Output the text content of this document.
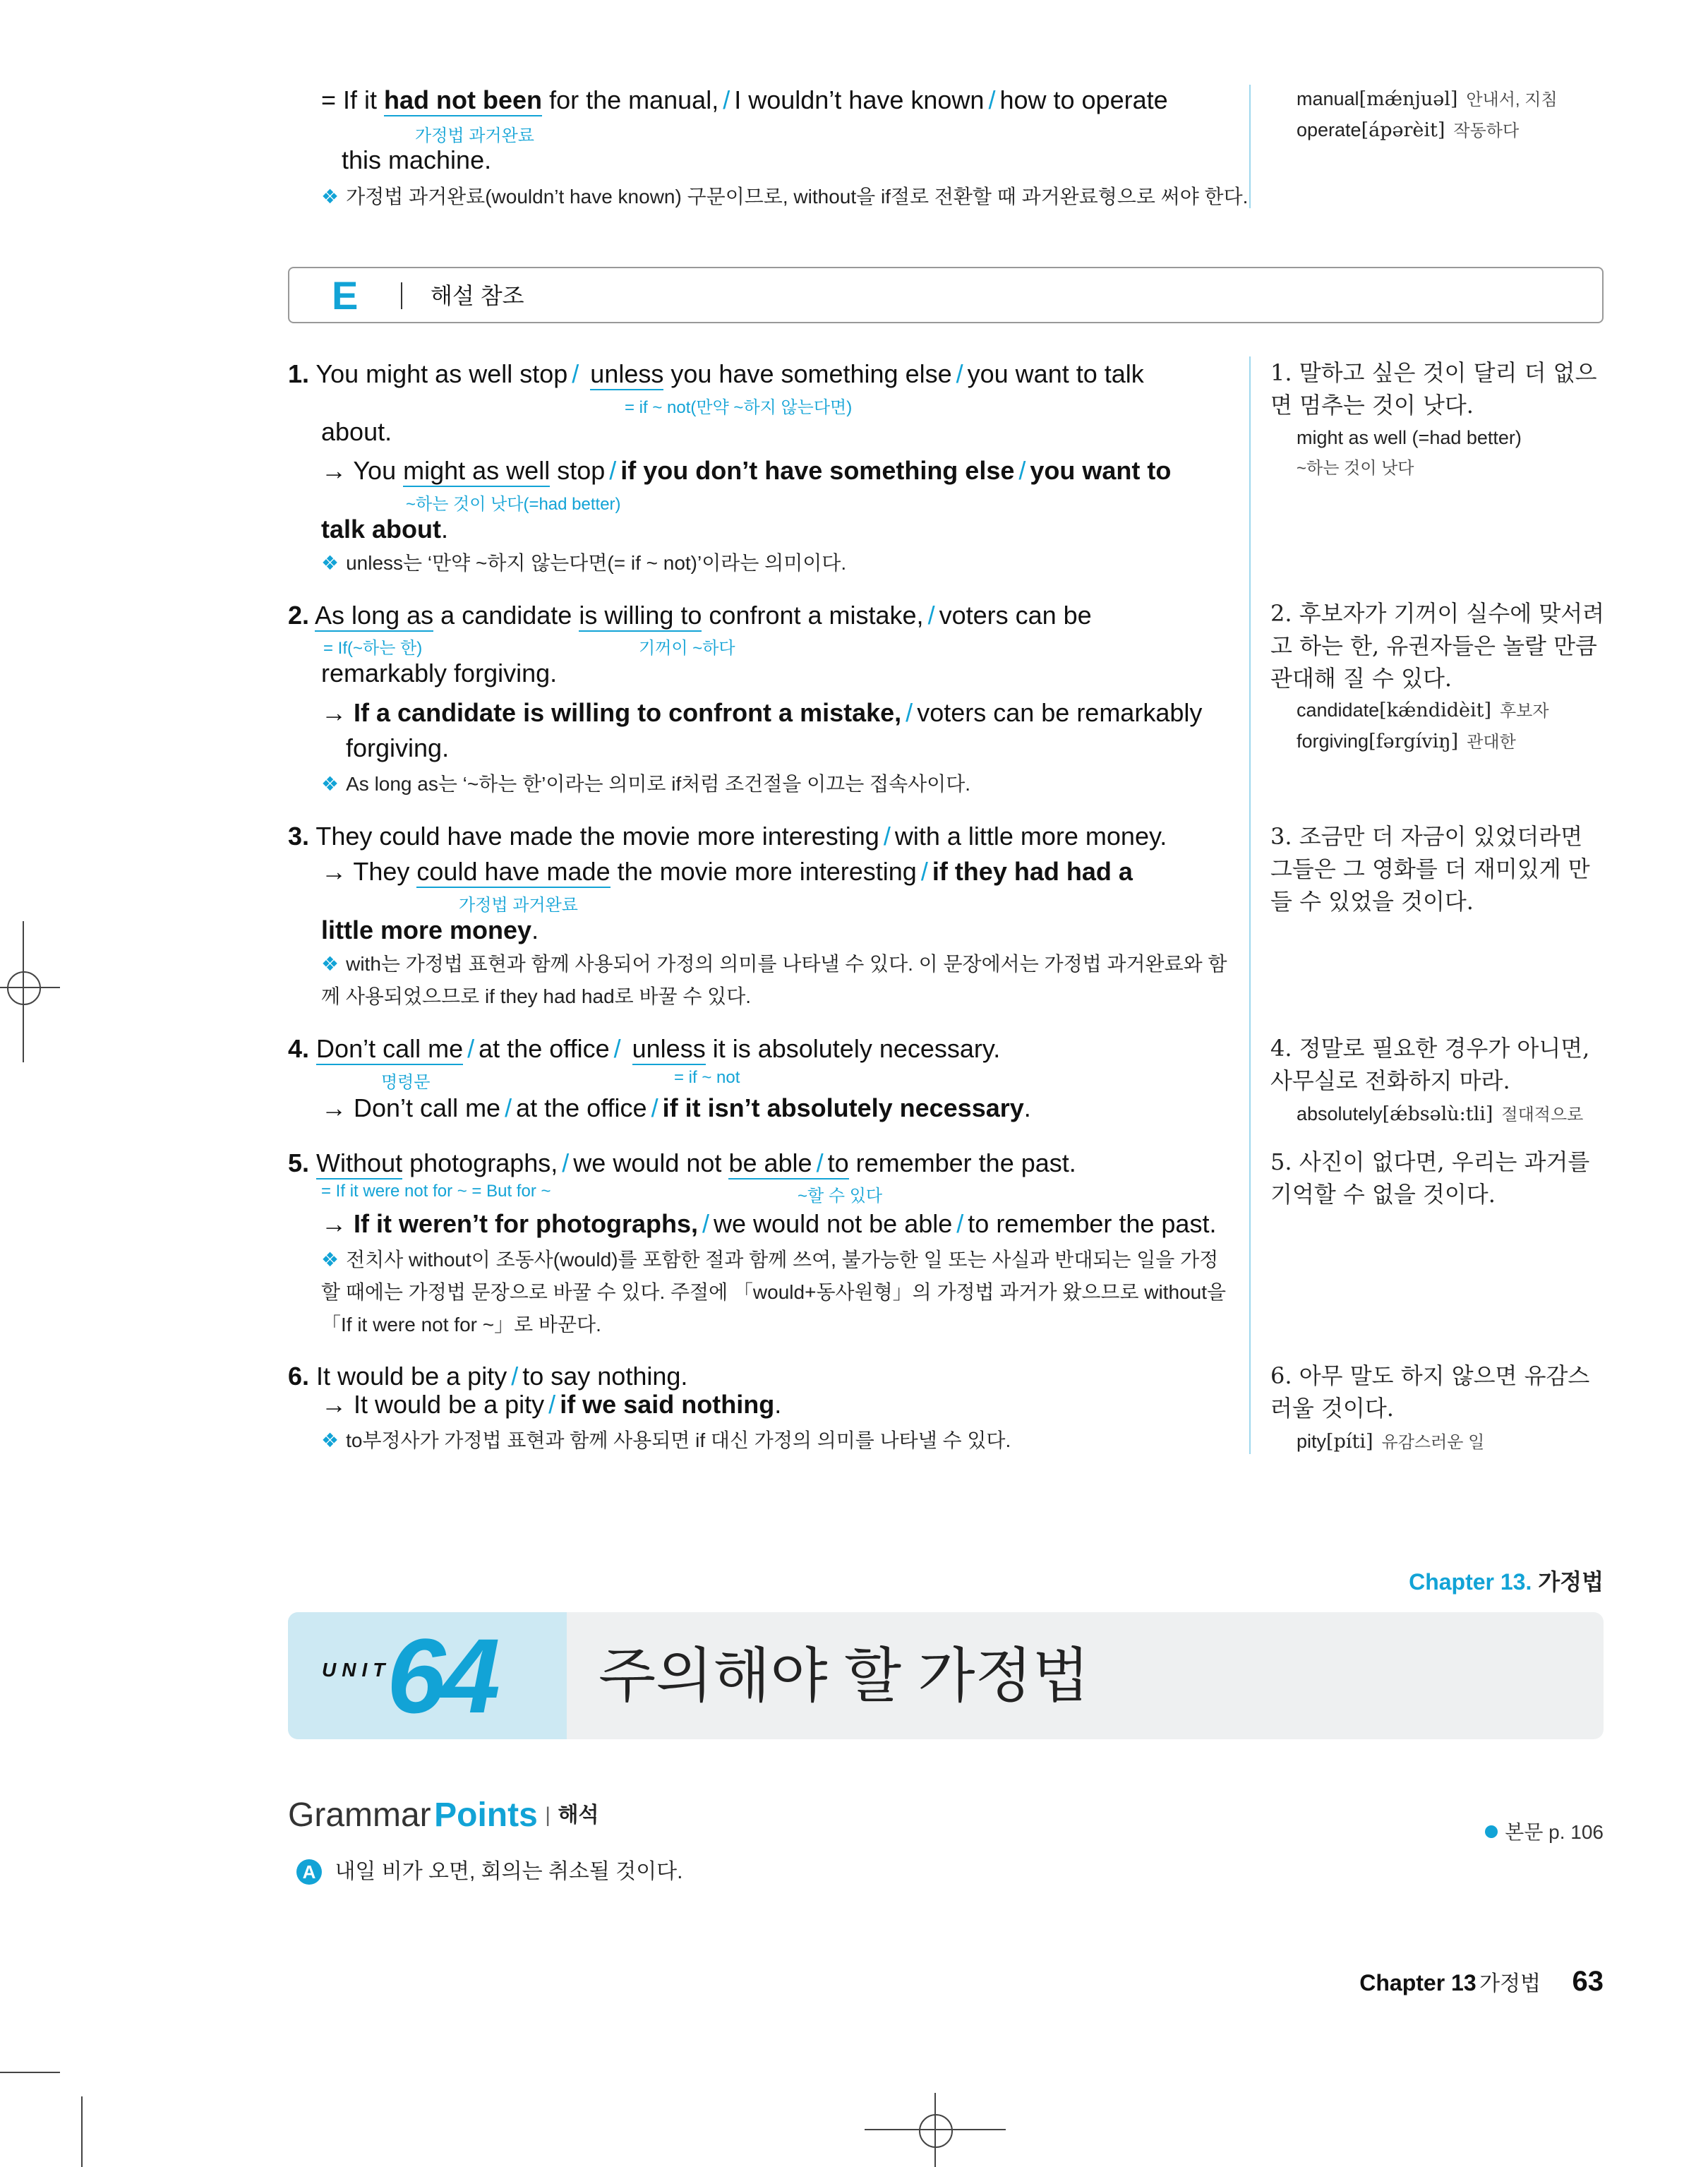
= If it had not been for the manual, / I wouldn’t have known / how to operate
가정법 과거완료
this machine.
❖ 가정법 과거완료(wouldn’t have known) 구문이므로, without을 if절로 전환할 때 과거완료형으로 써야 한다.
manual[mǽnjuəl] 안내서, 지침
operate[ápərèit] 작동하다
E	해설 참조
1. You might as well stop / unless you have something else / you want to talk
= if ~ not(만약 ~하지 않는다면)
about.
→ You might as well stop / if you don’t have something else / you want to
~하는 것이 낫다(=had better)
talk about.
❖ unless는 ‘만약 ~하지 않는다면(= if ~ not)’이라는 의미이다.
1. 말하고 싶은 것이 달리 더 없으면 멈추는 것이 낫다.
might as well (=had better)
~하는 것이 낫다
2. As long as a candidate is willing to confront a mistake, / voters can be
= If(~하는 한)	기꺼이 ~하다
remarkably forgiving.
→ If a candidate is willing to confront a mistake, / voters can be remarkably
forgiving.
❖ As long as는 ‘~하는 한’이라는 의미로 if처럼 조건절을 이끄는 접속사이다.
2. 후보자가 기꺼이 실수에 맞서려고 하는 한, 유권자들은 놀랄 만큼 관대해 질 수 있다.
candidate[kǽndidèit] 후보자
forgiving[fərgíviŋ] 관대한
3. They could have made the movie more interesting / with a little more money.
→ They could have made the movie more interesting / if they had had a
가정법 과거완료
little more money.
❖ with는 가정법 표현과 함께 사용되어 가정의 의미를 나타낼 수 있다. 이 문장에서는 가정법 과거완료와 함께 사용되었으므로 if they had had로 바꿀 수 있다.
3. 조금만 더 자금이 있었더라면 그들은 그 영화를 더 재미있게 만들 수 있었을 것이다.
4. Don’t call me / at the office / unless it is absolutely necessary.
명령문	= if ~ not
→ Don’t call me / at the office / if it isn’t absolutely necessary.
4. 정말로 필요한 경우가 아니면, 사무실로 전화하지 마라.
absolutely[ǽbsəlù:tli] 절대적으로
5. Without photographs, / we would not be able / to remember the past.
= If it were not for ~ = But for ~	~할 수 있다
→ If it weren’t for photographs, / we would not be able / to remember the past.
❖ 전치사 without이 조동사(would)를 포함한 절과 함께 쓰여, 불가능한 일 또는 사실과 반대되는 일을 가정할 때에는 가정법 문장으로 바꿀 수 있다. 주절에 「would+동사원형」의 가정법 과거가 왔으므로 without을 「If it were not for ~」로 바꾼다.
5. 사진이 없다면, 우리는 과거를 기억할 수 없을 것이다.
6. It would be a pity / to say nothing.
→ It would be a pity / if we said nothing.
❖ to부정사가 가정법 표현과 함께 사용되면 if 대신 가정의 의미를 나타낼 수 있다.
6. 아무 말도 하지 않으면 유감스러울 것이다.
pity[píti] 유감스러운 일
Chapter 13. 가정법
UNIT
64 주의해야 할 가정법
Grammar Points | 해석
본문 p. 106
A 내일 비가 오면, 회의는 취소될 것이다.
Chapter 13 가정법 63
